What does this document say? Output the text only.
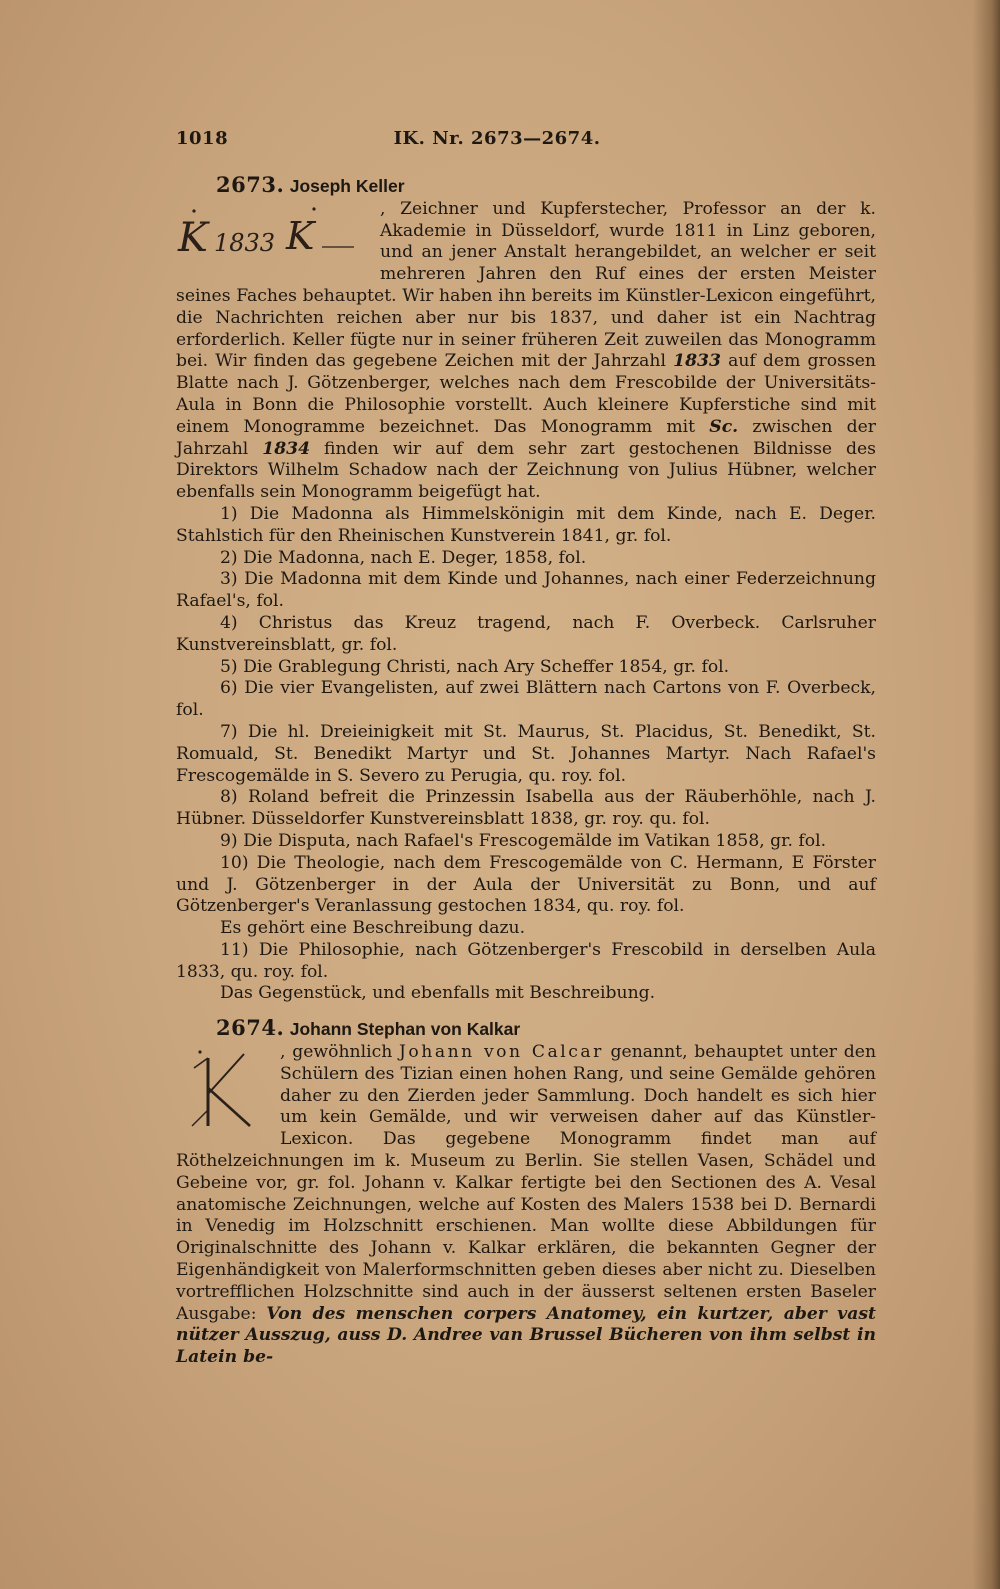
1018	IK. Nr. 2673—2674.

2673. Joseph Keller

K 1833 K

, Zeichner und Kupferstecher, Professor an der k. Akademie in Düsseldorf, wurde 1811 in Linz geboren, und an jener Anstalt herangebildet, an welcher er seit mehreren Jahren den Ruf eines der ersten Meister seines Faches behauptet. Wir haben ihn bereits im Künstler-Lexicon eingeführt, die Nachrichten reichen aber nur bis 1837, und daher ist ein Nachtrag erforderlich. Keller fügte nur in seiner früheren Zeit zuweilen das Monogramm bei. Wir finden das gegebene Zeichen mit der Jahrzahl 1833 auf dem grossen Blatte nach J. Götzenberger, welches nach dem Frescobilde der Universitäts-Aula in Bonn die Philosophie vorstellt. Auch kleinere Kupferstiche sind mit einem Monogramme bezeichnet. Das Monogramm mit Sc. zwischen der Jahrzahl 1834 finden wir auf dem sehr zart gestochenen Bildnisse des Direktors Wilhelm Schadow nach der Zeichnung von Julius Hübner, welcher ebenfalls sein Monogramm beigefügt hat.

1) Die Madonna als Himmelskönigin mit dem Kinde, nach E. Deger. Stahlstich für den Rheinischen Kunstverein 1841, gr. fol.

2) Die Madonna, nach E. Deger, 1858, fol.

3) Die Madonna mit dem Kinde und Johannes, nach einer Federzeichnung Rafael's, fol.

4) Christus das Kreuz tragend, nach F. Overbeck. Carlsruher Kunstvereinsblatt, gr. fol.

5) Die Grablegung Christi, nach Ary Scheffer 1854, gr. fol.

6) Die vier Evangelisten, auf zwei Blättern nach Cartons von F. Overbeck, fol.

7) Die hl. Dreieinigkeit mit St. Maurus, St. Placidus, St. Benedikt, St. Romuald, St. Benedikt Martyr und St. Johannes Martyr. Nach Rafael's Frescogemälde in S. Severo zu Perugia, qu. roy. fol.

8) Roland befreit die Prinzessin Isabella aus der Räuberhöhle, nach J. Hübner. Düsseldorfer Kunstvereinsblatt 1838, gr. roy. qu. fol.

9) Die Disputa, nach Rafael's Frescogemälde im Vatikan 1858, gr. fol.

10) Die Theologie, nach dem Frescogemälde von C. Hermann, E Förster und J. Götzenberger in der Aula der Universität zu Bonn, und auf Götzenberger's Veranlassung gestochen 1834, qu. roy. fol.

Es gehört eine Beschreibung dazu.

11) Die Philosophie, nach Götzenberger's Frescobild in derselben Aula 1833, qu. roy. fol.

Das Gegenstück, und ebenfalls mit Beschreibung.

2674. Johann Stephan von Kalkar

, gewöhnlich Johann von Calcar genannt, behauptet unter den Schülern des Tizian einen hohen Rang, und seine Gemälde gehören daher zu den Zierden jeder Sammlung. Doch handelt es sich hier um kein Gemälde, und wir verweisen daher auf das Künstler-Lexicon. Das gegebene Monogramm findet man auf Röthelzeichnungen im k. Museum zu Berlin. Sie stellen Vasen, Schädel und Gebeine vor, gr. fol. Johann v. Kalkar fertigte bei den Sectionen des A. Vesal anatomische Zeichnungen, welche auf Kosten des Malers 1538 bei D. Bernardi in Venedig im Holzschnitt erschienen. Man wollte diese Abbildungen für Originalschnitte des Johann v. Kalkar erklären, die bekannten Gegner der Eigenhändigkeit von Malerformschnitten geben dieses aber nicht zu. Dieselben vortrefflichen Holzschnitte sind auch in der äusserst seltenen ersten Baseler Ausgabe: Von des menschen corpers Anatomey, ein kurtzer, aber vast nützer Ausszug, auss D. Andree van Brussel Bücheren von ihm selbst in Latein be-
